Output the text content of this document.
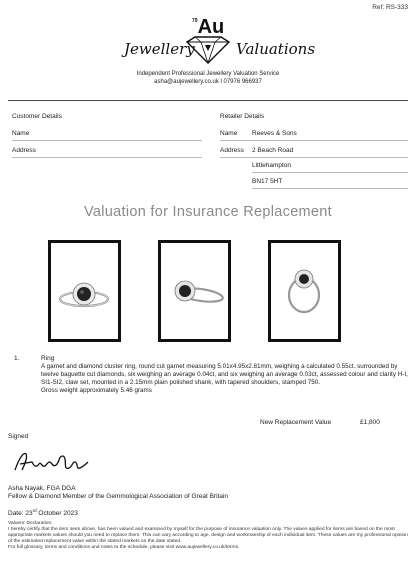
Ref: RS-333
Jewellery
$^{79}$Au
Valuations
Independent Professional Jewellery Valuation Service
asha@aujewellery.co.uk l 07976 966937
Customer Details
Name
Address
Retailer Details
Name Reeves & Sons
Address 2 Beach Road
Littlehampton
BN17 5HT
Valuation for Insurance Replacement
1.	Ring
A garnet and diamond cluster ring, round cut garnet measuring 5.01x4.95x2.81mm, weighing a calculated 0.55ct. surrounded by twelve baguette cut diamonds, six weighing an average 0.04ct, and six weighing an average 0.03ct, assessed colour and clarity H-I, SI1-SI2, claw set, mounted in a 2.15mm plain polished shank, with tapered shoulders, stamped 750.
Gross weight approximately 5.46 grams
New Replacement Value	£1,800
Signed
Asha Nayak, FGA DGA
Fellow & Diamond Member of the Gemmological Association of Great Britain
Date: 23rd October 2023
Valuers' Declaration:
I hereby certify that the item seen above, has been valued and examined by myself for the purpose of insurance valuation only. The values applied for items are based on the most appropriate markets values should you need to replace them. This can vary according to age, design and workmanship of each individual item. These values are my professional opinion of the estimated replacement value within the stated markets on the date stated.
For full glossary, terms and conditions and notes to the schedule, please visit www.aujewellery.co.uk/terms.
